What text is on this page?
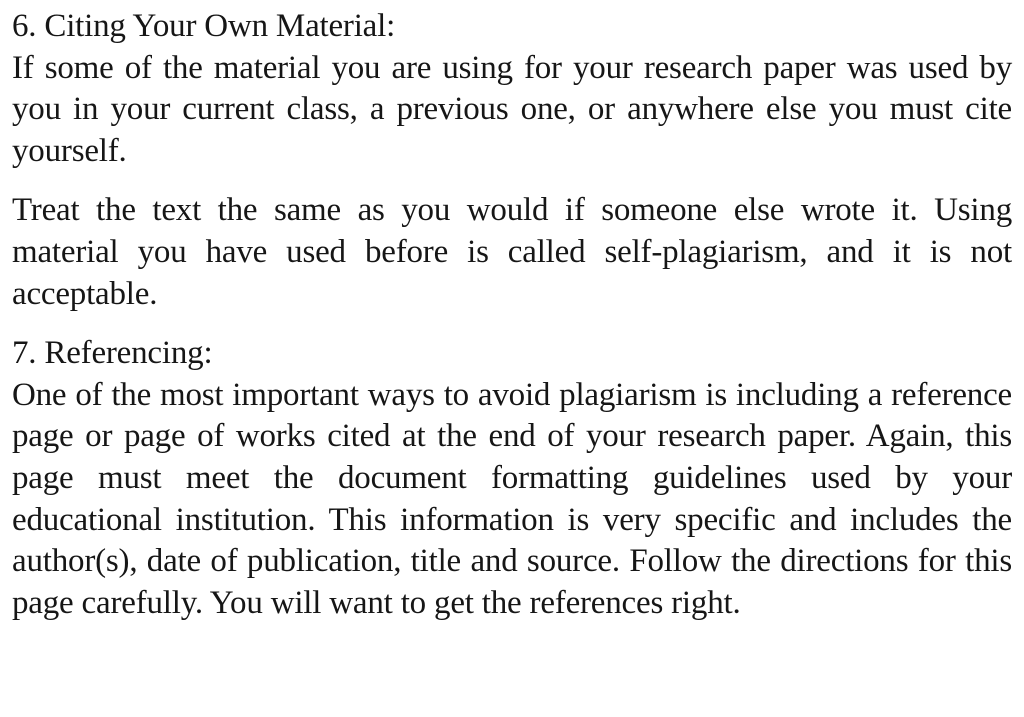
6. Citing Your Own Material:

If some of the material you are using for your research paper was used by you in your current class, a previous one, or anywhere else you must cite yourself.

Treat the text the same as you would if someone else wrote it. Using material you have used before is called self-plagiarism, and it is not acceptable.

7. Referencing:

One of the most important ways to avoid plagiarism is including a reference page or page of works cited at the end of your research paper. Again, this page must meet the document formatting guidelines used by your educational institution. This information is very specific and includes the author(s), date of publication, title and source. Follow the directions for this page carefully. You will want to get the references right.
